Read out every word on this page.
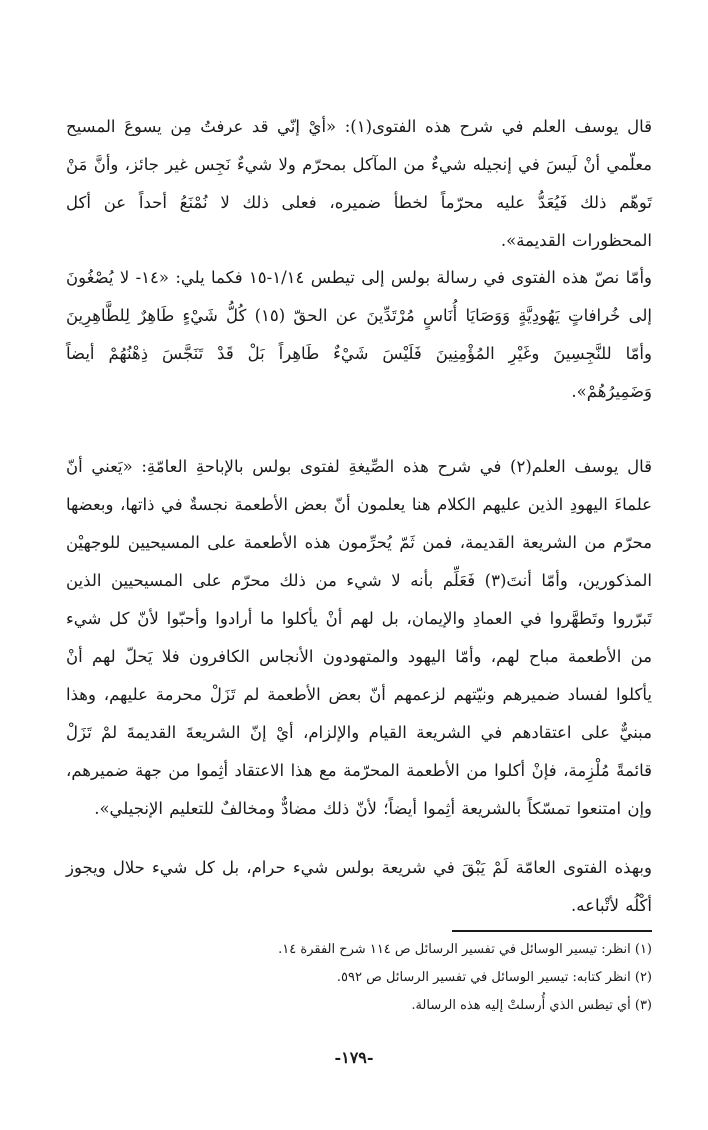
قال يوسف العلم في شرح هذه الفتوى(١): «أيْ إنّي قد عرفتُ مِن يسوعَ المسيح معلّمي أنْ لَيسَ في إنجيله شيءٌ من المآكل بمحرّم ولا شيءٌ نَجِس غير جائز، وأنَّ مَنْ تَوهّم ذلك فَيُعَدُّ عليه محرّماً لخطأ ضميره، فعلى ذلك لا نُمْنَعُ أحداً عن أكل المحظورات القديمة».

وأمّا نصّ هذه الفتوى في رسالة بولس إلى تيطس ١/١٤-١٥ فكما يلي: «١٤- لا يُصْغُونَ إلى خُرافاتٍ يَهُودِيَّةٍ وَوَصَايَا أُنَاسٍ مُرْتَدِّينَ عن الحقّ (١٥) كُلُّ شَيْءٍ طَاهِرٌ لِلطَّاهِرِينَ وأمّا للنَّجِسِينَ وغَيْرِ المُؤْمِنِينَ فَلَيْسَ شَيْءٌ طَاهِراً بَلْ قَدْ تَنَجَّسَ ذِهْنُهُمْ أيضاً وَضَمِيرُهُمْ».

قال يوسف العلم(٢) في شرح هذه الصِّيغةِ لفتوى بولس بالإباحةِ العامّةِ: «يَعني أنّ علماءَ اليهودِ الذين عليهم الكلام هنا يعلمون أنّ بعض الأطعمة نجسةٌ في ذاتها، وبعضها محرّم من الشريعة القديمة، فمن ثَمّ يُحرِّمون هذه الأطعمة على المسيحيين للوجهيْن المذكورين، وأمّا أنتَ(٣) فَعَلِّم بأنه لا شيء من ذلك محرّم على المسيحيين الذين تَبرّروا وتَطهَّروا في العمادِ والإيمان، بل لهم أنْ يأكلوا ما أرادوا وأحبّوا لأنّ كل شيء من الأطعمة مباح لهم، وأمّا اليهود والمتهودون الأنجاس الكافرون فلا يَحلّ لهم أنْ يأكلوا لفساد ضميرهم ونيّتهم لزعمهم أنّ بعض الأطعمة لم تَزَلْ محرمة عليهم، وهذا مبنيٌّ على اعتقادهم في الشريعة القيام والإلزام، أيْ إنّ الشريعةَ القديمةَ لمْ تَزَلْ قائمةً مُلْزِمة، فإنْ أكلوا من الأطعمة المحرّمة مع هذا الاعتقاد أثِموا من جهة ضميرهم، وإن امتنعوا تمسّكاً بالشريعة أثِموا أيضاً؛ لأنّ ذلك مضادٌّ ومخالفٌ للتعليم الإنجيلي».

وبهذه الفتوى العامّة لَمْ يَبْقَ في شريعة بولس شيء حرام، بل كل شيء حلال ويجوز أكْلُه لأتْباعه.

(١) انظر: تيسير الوسائل في تفسير الرسائل ص ١١٤ شرح الفقرة ١٤.
(٢) انظر كتابه: تيسير الوسائل في تفسير الرسائل ص ٥٩٢.
(٣) أي تيطس الذي أُرسلتْ إليه هذه الرسالة.
-١٧٩-
